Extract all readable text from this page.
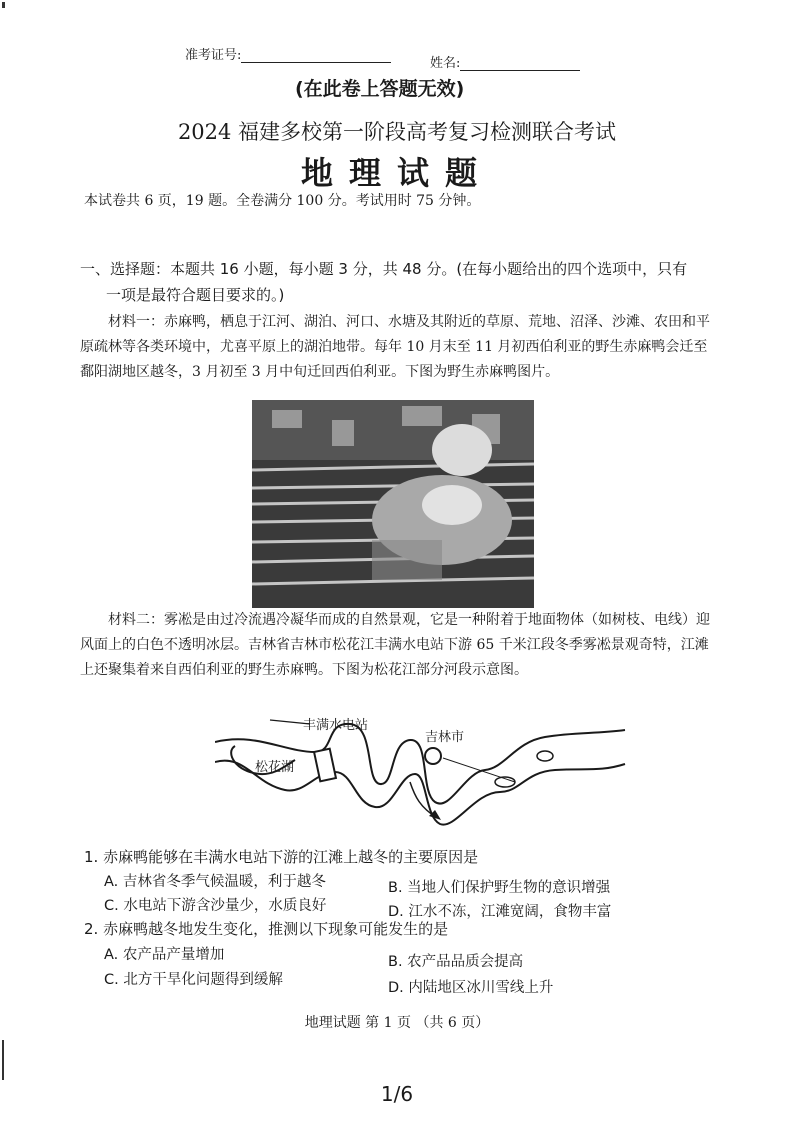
准考证号:
姓名:
(在此卷上答题无效)
2024 福建多校第一阶段高考复习检测联合考试
地理试题
本试卷共 6 页，19 题。全卷满分 100 分。考试用时 75 分钟。
一、选择题：本题共 16 小题，每小题 3 分，共 48 分。(在每小题给出的四个选项中，只有
一项是最符合题目要求的。)
材料一：赤麻鸭，栖息于江河、湖泊、河口、水塘及其附近的草原、荒地、沼泽、沙滩、农田和平原疏林等各类环境中，尤喜平原上的湖泊地带。每年 10 月末至 11 月初西伯利亚的野生赤麻鸭会迁至鄱阳湖地区越冬，3 月初至 3 月中旬迁回西伯利亚。下图为野生赤麻鸭图片。
材料二：雾凇是由过冷流遇冷凝华而成的自然景观，它是一种附着于地面物体（如树枝、电线）迎风面上的白色不透明冰层。吉林省吉林市松花江丰满水电站下游 65 千米江段冬季雾凇景观奇特，江滩上还聚集着来自西伯利亚的野生赤麻鸭。下图为松花江部分河段示意图。
丰满水电站
吉林市
松花湖
1. 赤麻鸭能够在丰满水电站下游的江滩上越冬的主要原因是
A. 吉林省冬季气候温暖，利于越冬	B. 当地人们保护野生物的意识增强
C. 水电站下游含沙量少，水质良好	D. 江水不冻，江滩宽阔，食物丰富
2. 赤麻鸭越冬地发生变化，推测以下现象可能发生的是
A. 农产品产量增加	B. 农产品品质会提高
C. 北方干旱化问题得到缓解	D. 内陆地区冰川雪线上升
地理试题 第 1 页 （共 6 页）
1/6
